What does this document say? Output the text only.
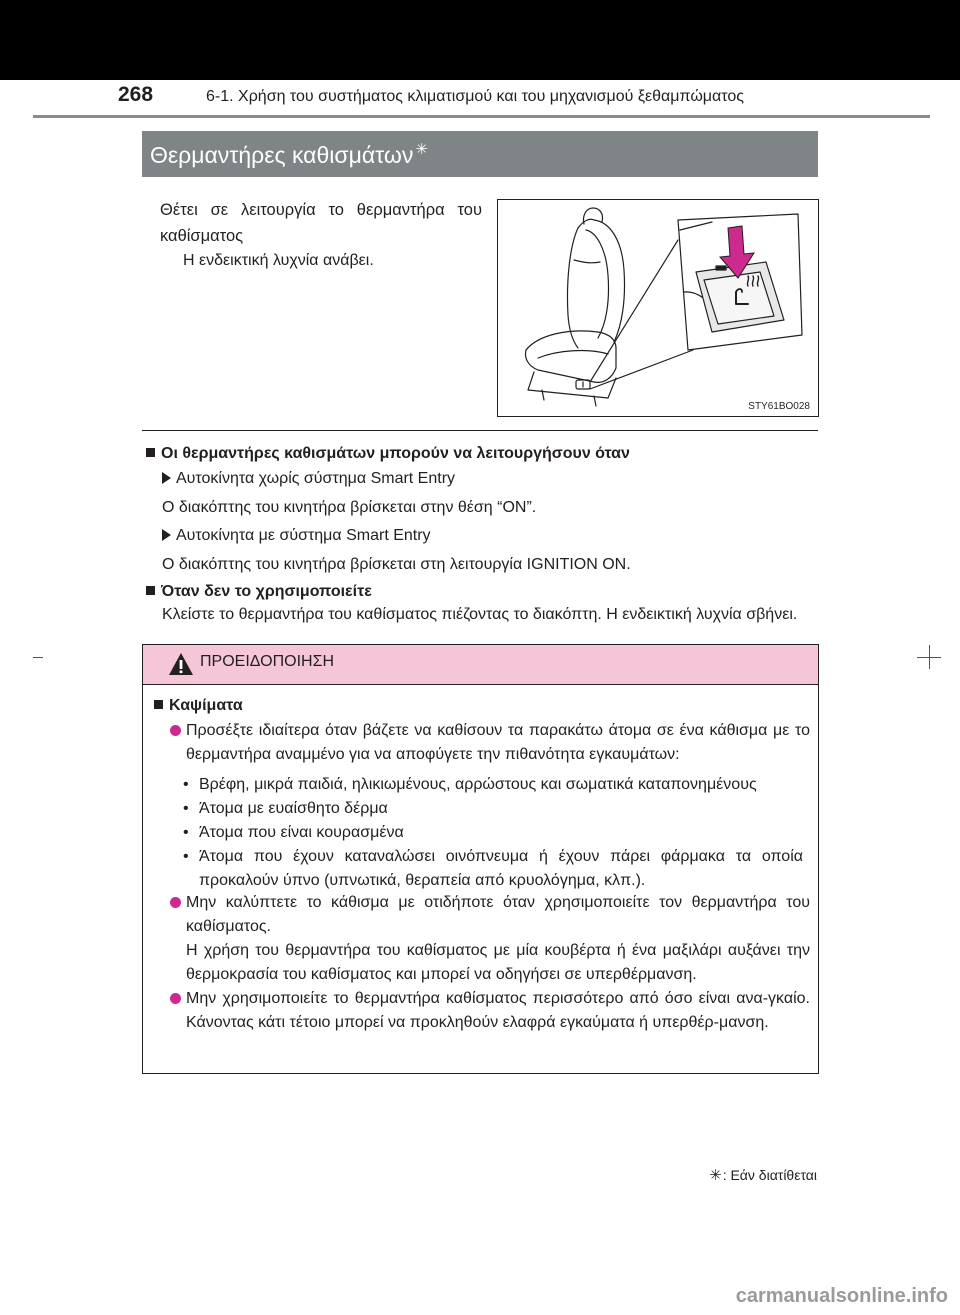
268	6-1. Χρήση του συστήματος κλιματισμού και του μηχανισμού ξεθαμπώματος
Θερμαντήρες καθισμάτων ✳
Θέτει σε λειτουργία το θερμαντήρα του καθίσματος
Η ενδεικτική λυχνία ανάβει.
STY61BO028
Οι θερμαντήρες καθισμάτων μπορούν να λειτουργήσουν όταν
Αυτοκίνητα χωρίς σύστημα Smart Entry
Ο διακόπτης του κινητήρα βρίσκεται στην θέση “ON”.
Αυτοκίνητα με σύστημα Smart Entry
Ο διακόπτης του κινητήρα βρίσκεται στη λειτουργία IGNITION ON.
Όταν δεν το χρησιμοποιείτε
Κλείστε το θερμαντήρα του καθίσματος πιέζοντας το διακόπτη. Η ενδεικτική λυχνία σβήνει.
ΠΡΟΕΙΔΟΠΟΙΗΣΗ
Καψίματα
Προσέξτε ιδιαίτερα όταν βάζετε να καθίσουν τα παρακάτω άτομα σε ένα κάθισμα με το θερμαντήρα αναμμένο για να αποφύγετε την πιθανότητα εγκαυμάτων:
• Βρέφη, μικρά παιδιά, ηλικιωμένους, αρρώστους και σωματικά καταπονημένους
• Άτομα με ευαίσθητο δέρμα
• Άτομα που είναι κουρασμένα
• Άτομα που έχουν καταναλώσει οινόπνευμα ή έχουν πάρει φάρμακα τα οποία προκαλούν ύπνο (υπνωτικά, θεραπεία από κρυολόγημα, κλπ.).
Μην καλύπτετε το κάθισμα με οτιδήποτε όταν χρησιμοποιείτε τον θερμαντήρα του καθίσματος.
Η χρήση του θερμαντήρα του καθίσματος με μία κουβέρτα ή ένα μαξιλάρι αυξάνει την θερμοκρασία του καθίσματος και μπορεί να οδηγήσει σε υπερθέρμανση.
Μην χρησιμοποιείτε το θερμαντήρα καθίσματος περισσότερο από όσο είναι ανα-γκαίο. Κάνοντας κάτι τέτοιο μπορεί να προκληθούν ελαφρά εγκαύματα ή υπερθέρ-μανση.
✳: Εάν διατίθεται
carmanualsonline.info
